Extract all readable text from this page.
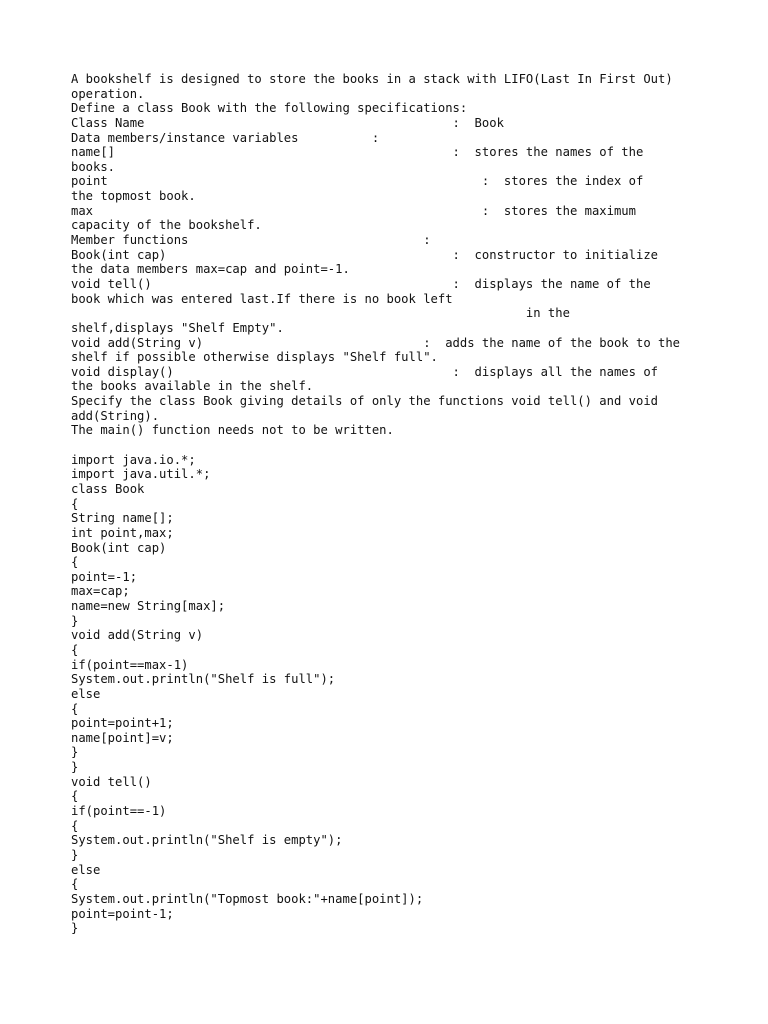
A bookshelf is designed to store the books in a stack with LIFO(Last In First Out)
operation.
Define a class Book with the following specifications:
Class Name                                          :  Book
Data members/instance variables          :
name[]                                              :  stores the names of the
books.
point                                                   :  stores the index of
the topmost book.
max                                                     :  stores the maximum
capacity of the bookshelf.
Member functions                                :
Book(int cap)                                       :  constructor to initialize
the data members max=cap and point=-1.
void tell()                                         :  displays the name of the
book which was entered last.If there is no book left
in the
shelf,displays "Shelf Empty".
void add(String v)                              :  adds the name of the book to the
shelf if possible otherwise displays "Shelf full".
void display()                                      :  displays all the names of
the books available in the shelf.
Specify the class Book giving details of only the functions void tell() and void
add(String).
The main() function needs not to be written.
import java.io.*;
import java.util.*;
class Book
{
String name[];
int point,max;
Book(int cap)
{
point=-1;
max=cap;
name=new String[max];
}
void add(String v)
{
if(point==max-1)
System.out.println("Shelf is full");
else
{
point=point+1;
name[point]=v;
}
}
void tell()
{
if(point==-1)
{
System.out.println("Shelf is empty");
}
else
{
System.out.println("Topmost book:"+name[point]);
point=point-1;
}
